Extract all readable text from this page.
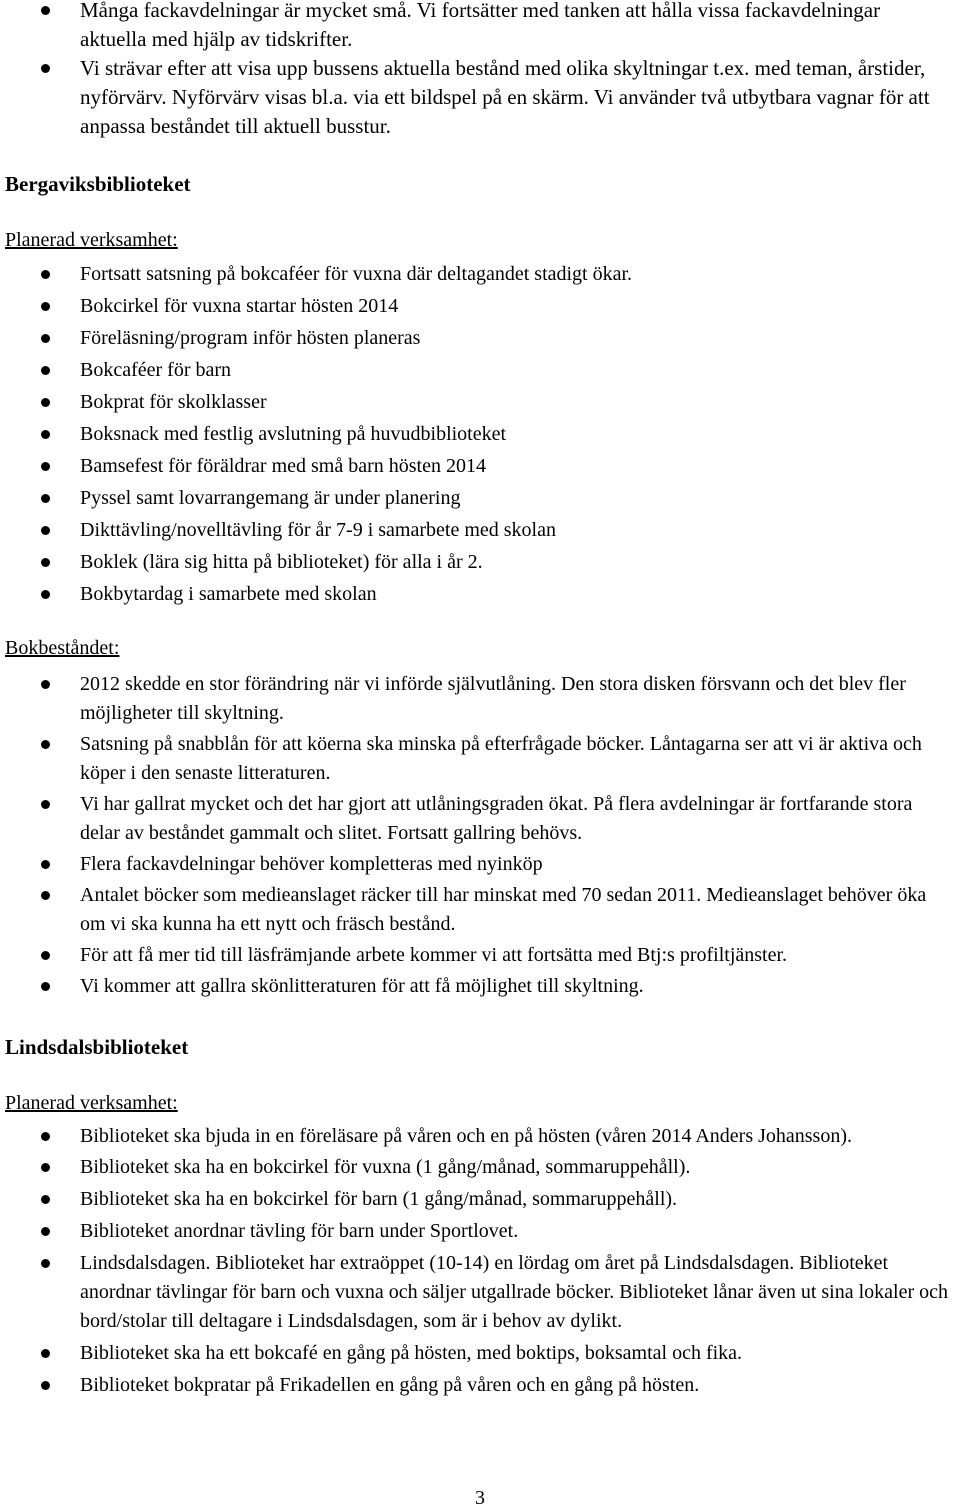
Många fackavdelningar är mycket små. Vi fortsätter med tanken att hålla vissa fackavdelningar aktuella med hjälp av tidskrifter.
Vi strävar efter att visa upp bussens aktuella bestånd med olika skyltningar t.ex. med teman, årstider, nyförvärv. Nyförvärv visas bl.a. via ett bildspel på en skärm. Vi använder två utbytbara vagnar för att anpassa beståndet till aktuell busstur.
Bergaviksbiblioteket
Planerad verksamhet:
Fortsatt satsning på bokcaféer för vuxna där deltagandet stadigt ökar.
Bokcirkel för vuxna startar hösten 2014
Föreläsning/program inför hösten planeras
Bokcaféer för barn
Bokprat för skolklasser
Boksnack med festlig avslutning på huvudbiblioteket
Bamsefest för föräldrar med små barn hösten 2014
Pyssel samt lovarrangemang är under planering
Dikttävling/novelltävling för år 7-9 i samarbete med skolan
Boklek (lära sig hitta på biblioteket) för alla i år 2.
Bokbytardag i samarbete med skolan
Bokbeståndet:
2012 skedde en stor förändring när vi införde självutlåning. Den stora disken försvann och det blev fler möjligheter till skyltning.
Satsning på snabblån för att köerna ska minska på efterfrågade böcker. Låntagarna ser att vi är aktiva och köper i den senaste litteraturen.
Vi har gallrat mycket och det har gjort att utlåningsgraden ökat. På flera avdelningar är fortfarande stora delar av beståndet gammalt och slitet. Fortsatt gallring behövs.
Flera fackavdelningar behöver kompletteras med nyinköp
Antalet böcker som medieanslaget räcker till har minskat med 70 sedan 2011. Medieanslaget behöver öka om vi ska kunna ha ett nytt och fräsch bestånd.
För att få mer tid till läsfrämjande arbete kommer vi att fortsätta med Btj:s profiltjänster.
Vi kommer att gallra skönlitteraturen för att få möjlighet till skyltning.
Lindsdalsbiblioteket
Planerad verksamhet:
Biblioteket ska bjuda in en föreläsare på våren och en på hösten (våren 2014 Anders Johansson).
Biblioteket ska ha en bokcirkel för vuxna (1 gång/månad, sommaruppehåll).
Biblioteket ska ha en bokcirkel för barn (1 gång/månad, sommaruppehåll).
Biblioteket anordnar tävling för barn under Sportlovet.
Lindsdalsdagen. Biblioteket har extraöppet (10-14) en lördag om året på Lindsdalsdagen. Biblioteket anordnar tävlingar för barn och vuxna och säljer utgallrade böcker. Biblioteket lånar även ut sina lokaler och bord/stolar till deltagare i Lindsdalsdagen, som är i behov av dylikt.
Biblioteket ska ha ett bokcafé en gång på hösten, med boktips, boksamtal och fika.
Biblioteket bokpratar på Frikadellen en gång på våren och en gång på hösten.
3
